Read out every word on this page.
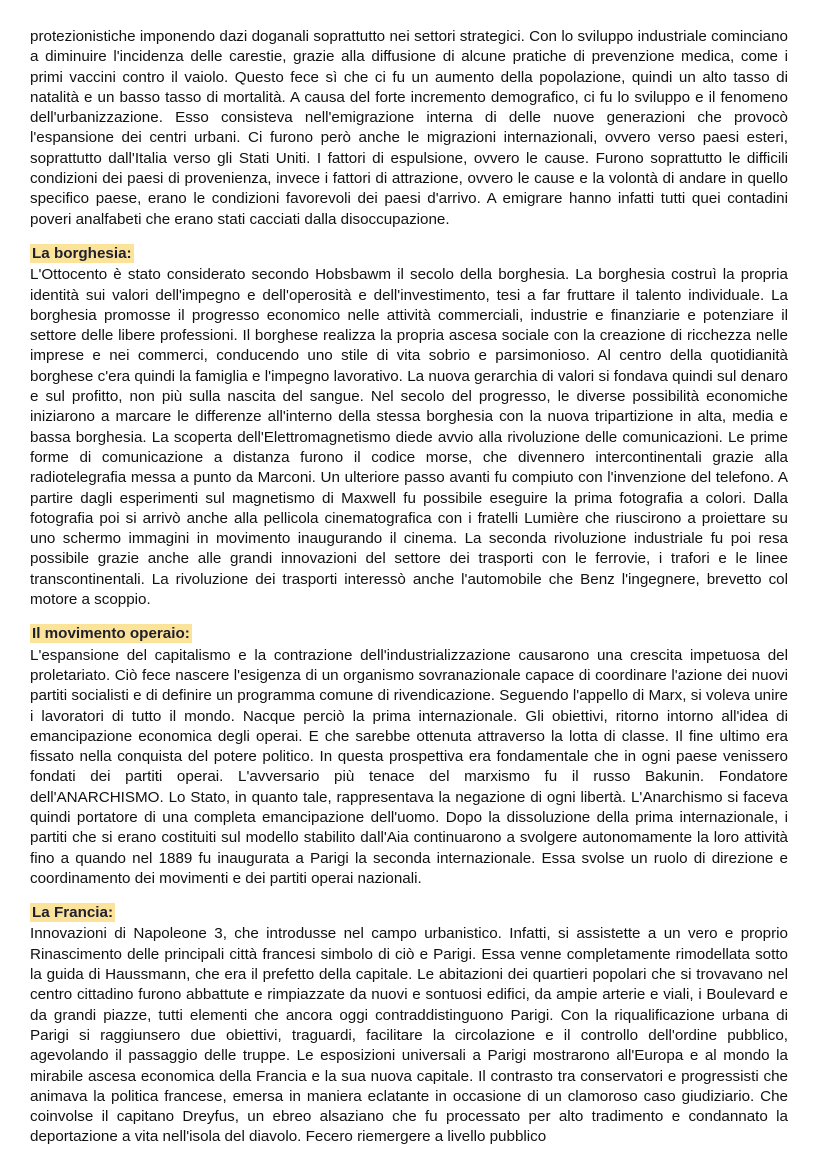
protezionistiche imponendo dazi doganali soprattutto nei settori strategici. Con lo sviluppo industriale cominciano a diminuire l'incidenza delle carestie, grazie alla diffusione di alcune pratiche di prevenzione medica, come i primi vaccini contro il vaiolo. Questo fece sì che ci fu un aumento della popolazione, quindi un alto tasso di natalità e un basso tasso di mortalità. A causa del forte incremento demografico, ci fu lo sviluppo e il fenomeno dell'urbanizzazione. Esso consisteva nell'emigrazione interna di delle nuove generazioni che provocò l'espansione dei centri urbani. Ci furono però anche le migrazioni internazionali, ovvero verso paesi esteri, soprattutto dall'Italia verso gli Stati Uniti. I fattori di espulsione, ovvero le cause. Furono soprattutto le difficili condizioni dei paesi di provenienza, invece i fattori di attrazione, ovvero le cause e la volontà di andare in quello specifico paese, erano le condizioni favorevoli dei paesi d'arrivo. A emigrare hanno infatti tutti quei contadini poveri analfabeti che erano stati cacciati dalla disoccupazione.

La borghesia:

L'Ottocento è stato considerato secondo Hobsbawm il secolo della borghesia. La borghesia costruì la propria identità sui valori dell'impegno e dell'operosità e dell'investimento, tesi a far fruttare il talento individuale. La borghesia promosse il progresso economico nelle attività commerciali, industrie e finanziarie e potenziare il settore delle libere professioni. Il borghese realizza la propria ascesa sociale con la creazione di ricchezza nelle imprese e nei commerci, conducendo uno stile di vita sobrio e parsimonioso. Al centro della quotidianità borghese c'era quindi la famiglia e l'impegno lavorativo. La nuova gerarchia di valori si fondava quindi sul denaro e sul profitto, non più sulla nascita del sangue. Nel secolo del progresso, le diverse possibilità economiche iniziarono a marcare le differenze all'interno della stessa borghesia con la nuova tripartizione in alta, media e bassa borghesia. La scoperta dell'Elettromagnetismo diede avvio alla rivoluzione delle comunicazioni. Le prime forme di comunicazione a distanza furono il codice morse, che divennero intercontinentali grazie alla radiotelegrafia messa a punto da Marconi. Un ulteriore passo avanti fu compiuto con l'invenzione del telefono. A partire dagli esperimenti sul magnetismo di Maxwell fu possibile eseguire la prima fotografia a colori. Dalla fotografia poi si arrivò anche alla pellicola cinematografica con i fratelli Lumière che riuscirono a proiettare su uno schermo immagini in movimento inaugurando il cinema. La seconda rivoluzione industriale fu poi resa possibile grazie anche alle grandi innovazioni del settore dei trasporti con le ferrovie, i trafori e le linee transcontinentali. La rivoluzione dei trasporti interessò anche l'automobile che Benz l'ingegnere, brevetto col motore a scoppio.

Il movimento operaio:

L'espansione del capitalismo e la contrazione dell'industrializzazione causarono una crescita impetuosa del proletariato. Ciò fece nascere l'esigenza di un organismo sovranazionale capace di coordinare l'azione dei nuovi partiti socialisti e di definire un programma comune di rivendicazione. Seguendo l'appello di Marx, si voleva unire i lavoratori di tutto il mondo. Nacque perciò la prima internazionale. Gli obiettivi, ritorno intorno all'idea di emancipazione economica degli operai. E che sarebbe ottenuta attraverso la lotta di classe. Il fine ultimo era fissato nella conquista del potere politico. In questa prospettiva era fondamentale che in ogni paese venissero fondati dei partiti operai. L'avversario più tenace del marxismo fu il russo Bakunin. Fondatore dell'ANARCHISMO. Lo Stato, in quanto tale, rappresentava la negazione di ogni libertà. L'Anarchismo si faceva quindi portatore di una completa emancipazione dell'uomo. Dopo la dissoluzione della prima internazionale, i partiti che si erano costituiti sul modello stabilito dall'Aia continuarono a svolgere autonomamente la loro attività fino a quando nel 1889 fu inaugurata a Parigi la seconda internazionale. Essa svolse un ruolo di direzione e coordinamento dei movimenti e dei partiti operai nazionali.

La Francia:

Innovazioni di Napoleone 3, che introdusse nel campo urbanistico. Infatti, si assistette a un vero e proprio Rinascimento delle principali città francesi simbolo di ciò e Parigi. Essa venne completamente rimodellata sotto la guida di Haussmann, che era il prefetto della capitale. Le abitazioni dei quartieri popolari che si trovavano nel centro cittadino furono abbattute e rimpiazzate da nuovi e sontuosi edifici, da ampie arterie e viali, i Boulevard e da grandi piazze, tutti elementi che ancora oggi contraddistinguono Parigi. Con la riqualificazione urbana di Parigi si raggiunsero due obiettivi, traguardi, facilitare la circolazione e il controllo dell'ordine pubblico, agevolando il passaggio delle truppe. Le esposizioni universali a Parigi mostrarono all'Europa e al mondo la mirabile ascesa economica della Francia e la sua nuova capitale. Il contrasto tra conservatori e progressisti che animava la politica francese, emersa in maniera eclatante in occasione di un clamoroso caso giudiziario. Che coinvolse il capitano Dreyfus, un ebreo alsaziano che fu processato per alto tradimento e condannato la deportazione a vita nell'isola del diavolo. Fecero riemergere a livello pubblico
